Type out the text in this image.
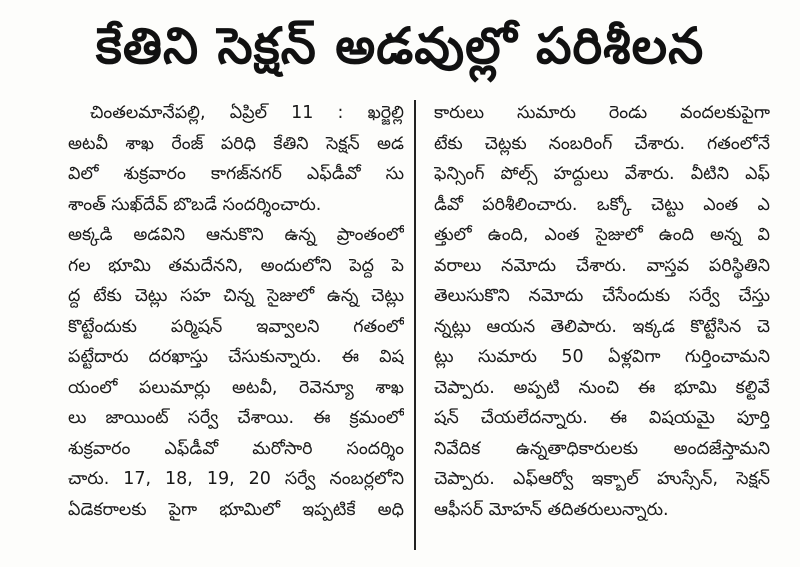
కేతిని సెక్షన్ అడవుల్లో పరిశీలన
చింతలమానేపల్లి, ఏప్రిల్ 11 : ఖర్జెల్లి
అటవీ శాఖ రేంజ్ పరిధి కేతిని సెక్షన్ అడ
విలో శుక్రవారం కాగజ్‌నగర్ ఎఫ్‌డీవో సు
శాంత్ సుఖ్‌దేవ్ బొబడే సందర్శించారు.
అక్కడి అడవిని ఆనుకొని ఉన్న ప్రాంతంలో
గల భూమి తమదేనని, అందులోని పెద్ద పె
ద్ద టేకు చెట్లు సహ చిన్న సైజులో ఉన్న చెట్లు
కొట్టేందుకు పర్మిషన్ ఇవ్వాలని గతంలో
పట్టేదారు దరఖాస్తు చేసుకున్నారు. ఈ విష
యంలో పలుమార్లు అటవీ, రెవెన్యూ శాఖ
లు జాయింట్ సర్వే చేశాయి. ఈ క్రమంలో
శుక్రవారం ఎఫ్‌డీవో మరోసారి సందర్శిం
చారు. 17, 18, 19, 20 సర్వే నంబర్లలోని
ఏడెకరాలకు పైగా భూమిలో ఇప్పటికే అధి
కారులు సుమారు రెండు వందలకుపైగా
టేకు చెట్లకు నంబరింగ్ చేశారు. గతంలోనే
ఫెన్సింగ్ పోల్స్ హద్దులు వేశారు. వీటిని ఎఫ్
డీవో పరిశీలించారు. ఒక్కో చెట్టు ఎంత ఎ
త్తులో ఉంది, ఎంత సైజులో ఉంది అన్న వి
వరాలు నమోదు చేశారు. వాస్తవ పరిస్థితిని
తెలుసుకొని నమోదు చేసేందుకు సర్వే చేస్తు
న్నట్లు ఆయన తెలిపారు. ఇక్కడ కొట్టేసిన చె
ట్లు సుమారు 50 ఏళ్లవిగా గుర్తించామని
చెప్పారు. అప్పటి నుంచి ఈ భూమి కల్టివే
షన్ చేయలేదన్నారు. ఈ విషయమై పూర్తి
నివేదిక ఉన్నతాధికారులకు అందజేస్తామని
చెప్పారు. ఎఫ్‌ఆర్వో ఇక్బాల్ హుస్సేన్, సెక్షన్
ఆఫీసర్ మోహన్ తదితరులున్నారు.
